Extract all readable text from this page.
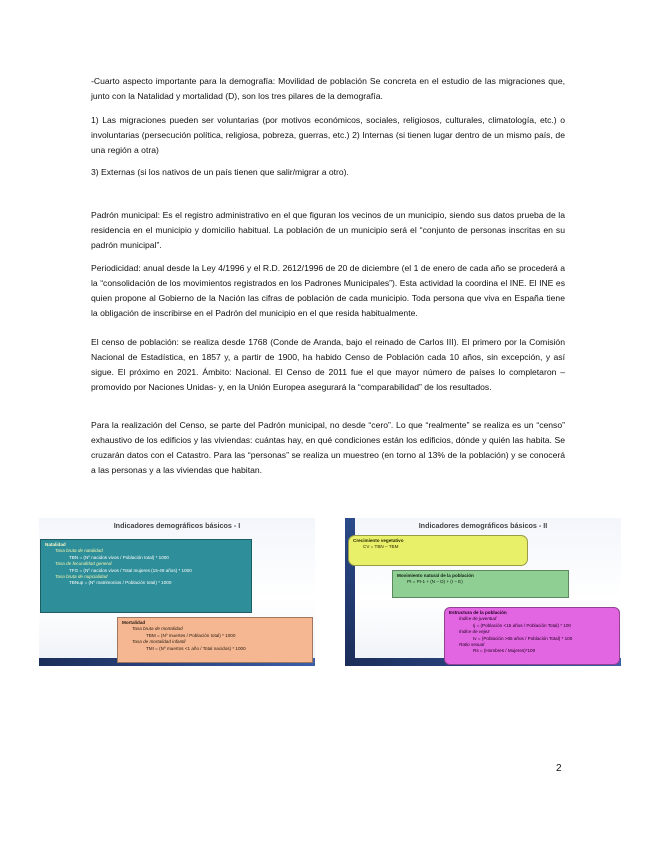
-Cuarto aspecto importante para la demografía: Movilidad de población Se concreta en el estudio de las migraciones que, junto con la Natalidad y mortalidad (D), son los tres pilares de la demografía.

1) Las migraciones pueden ser voluntarias (por motivos económicos, sociales, religiosos, culturales, climatología, etc.) o involuntarias (persecución política, religiosa, pobreza, guerras, etc.) 2) Internas (si tienen lugar dentro de un mismo país, de una región a otra)

3) Externas (si los nativos de un país tienen que salir/migrar a otro).

Padrón municipal: Es el registro administrativo en el que figuran los vecinos de un municipio, siendo sus datos prueba de la residencia en el municipio y domicilio habitual. La población de un municipio será el “conjunto de personas inscritas en su padrón municipal”.

Periodicidad: anual desde la Ley 4/1996 y el R.D. 2612/1996 de 20 de diciembre (el 1 de enero de cada año se procederá a la “consolidación de los movimientos registrados en los Padrones Municipales”). Esta actividad la coordina el INE. El INE es quien propone al Gobierno de la Nación las cifras de población de cada municipio. Toda persona que viva en España tiene la obligación de inscribirse en el Padrón del municipio en el que resida habitualmente.

El censo de población: se realiza desde 1768 (Conde de Aranda, bajo el reinado de Carlos III). El primero por la Comisión Nacional de Estadística, en 1857 y, a partir de 1900, ha habido Censo de Población cada 10 años, sin excepción, y así sigue. El próximo en 2021. Ámbito: Nacional. El Censo de 2011 fue el que mayor número de países lo completaron –promovido por Naciones Unidas- y, en la Unión Europea asegurará la “comparabilidad” de los resultados.

Para la realización del Censo, se parte del Padrón municipal, no desde “cero”. Lo que “realmente” se realiza es un “censo” exhaustivo de los edificios y las viviendas: cuántas hay, en qué condiciones están los edificios, dónde y quién las habita. Se cruzarán datos con el Catastro. Para las “personas” se realiza un muestreo (en torno al 13% de la población) y se conocerá a las personas y a las viviendas que habitan.

Indicadores demográficos básicos - I
Natalidad
Tasa bruta de natalidad
TBN = (Nº nacidos vivos / Población total) * 1000
Tasa de fecundidad general
TFG = (Nº nacidos vivos / Total mujeres (15-49 años) * 1000
Tasa bruta de nupcialidad
TBNup = (Nº matrimonios / Población total) * 1000
Mortalidad
Tasa bruta de mortalidad
TBM = (Nº muertes / Población total) * 1000
Tasa de mortalidad infantil
TMI = (Nº muertos <1 año / Total nacidos) * 1000
Indicadores demográficos básicos - II
Crecimiento vegetativo
CV = TBN – TBM
Movimiento natural de la población
Pt = Pt-1 + (N – D) + (I – E)
Estructura de la población
Índice de juventud
Ij = (Población <15 años / Población Total) * 100
Índice de vejez
Iv = (Población >65 años / Población Total) * 100
Ratio sexual
Rs = (Hombres / Mujeres)*100
2
